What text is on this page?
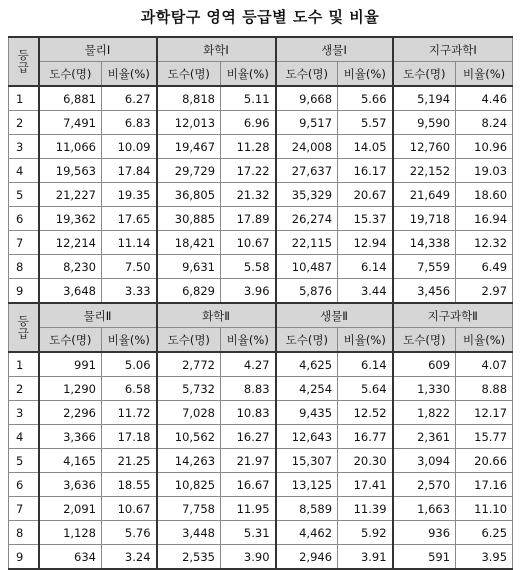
과학탐구 영역 등급별 도수 및 비율
등급	물리Ⅰ		화학Ⅰ		생물Ⅰ		지구과학Ⅰ	
	도수(명)	비율(%)	도수(명)	비율(%)	도수(명)	비율(%)	도수(명)	비율(%)
1	6,881	6.27	8,818	5.11	9,668	5.66	5,194	4.46
2	7,491	6.83	12,013	6.96	9,517	5.57	9,590	8.24
3	11,066	10.09	19,467	11.28	24,008	14.05	12,760	10.96
4	19,563	17.84	29,729	17.22	27,637	16.17	22,152	19.03
5	21,227	19.35	36,805	21.32	35,329	20.67	21,649	18.60
6	19,362	17.65	30,885	17.89	26,274	15.37	19,718	16.94
7	12,214	11.14	18,421	10.67	22,115	12.94	14,338	12.32
8	8,230	7.50	9,631	5.58	10,487	6.14	7,559	6.49
9	3,648	3.33	6,829	3.96	5,876	3.44	3,456	2.97
등급	물리Ⅱ		화학Ⅱ		생물Ⅱ		지구과학Ⅱ	
	도수(명)	비율(%)	도수(명)	비율(%)	도수(명)	비율(%)	도수(명)	비율(%)
1	991	5.06	2,772	4.27	4,625	6.14	609	4.07
2	1,290	6.58	5,732	8.83	4,254	5.64	1,330	8.88
3	2,296	11.72	7,028	10.83	9,435	12.52	1,822	12.17
4	3,366	17.18	10,562	16.27	12,643	16.77	2,361	15.77
5	4,165	21.25	14,263	21.97	15,307	20.30	3,094	20.66
6	3,636	18.55	10,825	16.67	13,125	17.41	2,570	17.16
7	2,091	10.67	7,758	11.95	8,589	11.39	1,663	11.10
8	1,128	5.76	3,448	5.31	4,462	5.92	936	6.25
9	634	3.24	2,535	3.90	2,946	3.91	591	3.95
